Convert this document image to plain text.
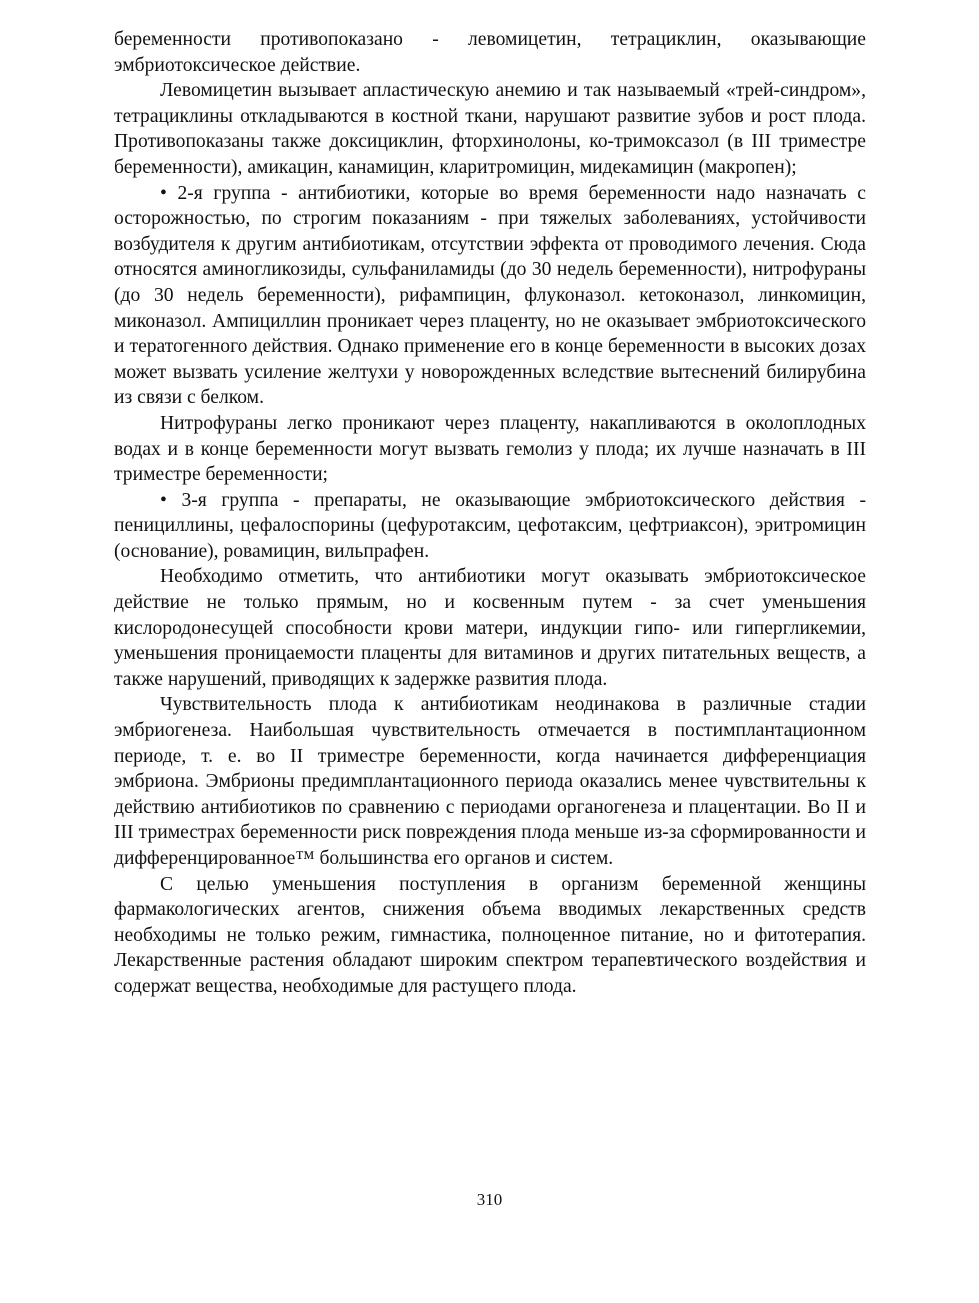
беременности противопоказано - левомицетин, тетрациклин, оказывающие эмбриотоксическое действие.

Левомицетин вызывает апластическую анемию и так называемый «трей-синдром», тетрациклины откладываются в костной ткани, нарушают развитие зубов и рост плода. Противопоказаны также доксициклин, фторхинолоны, ко-тримоксазол (в III триместре беременности), амикацин, канамицин, кларитромицин, мидекамицин (макропен);

• 2-я группа - антибиотики, которые во время беременности надо назначать с осторожностью, по строгим показаниям - при тяжелых заболеваниях, устойчивости возбудителя к другим антибиотикам, отсутствии эффекта от проводимого лечения. Сюда относятся аминогликозиды, сульфаниламиды (до 30 недель беременности), нитрофураны (до 30 недель беременности), рифампицин, флуконазол. кетоконазол, линкомицин, миконазол. Ампициллин проникает через плаценту, но не оказывает эмбриотоксического и тератогенного действия. Однако применение его в конце беременности в высоких дозах может вызвать усиление желтухи у новорожденных вследствие вытеснений билирубина из связи с белком.

Нитрофураны легко проникают через плаценту, накапливаются в околоплодных водах и в конце беременности могут вызвать гемолиз у плода; их лучше назначать в III триместре беременности;

• 3-я группа - препараты, не оказывающие эмбриотоксического действия - пенициллины, цефалоспорины (цефуротаксим, цефотаксим, цефтриаксон), эритромицин (основание), ровамицин, вильпрафен.

Необходимо отметить, что антибиотики могут оказывать эмбриотоксическое действие не только прямым, но и косвенным путем - за счет уменьшения кислородонесущей способности крови матери, индукции гипо- или гипергликемии, уменьшения проницаемости плаценты для витаминов и других питательных веществ, а также нарушений, приводящих к задержке развития плода.

Чувствительность плода к антибиотикам неодинакова в различные стадии эмбриогенеза. Наибольшая чувствительность отмечается в постимплантационном периоде, т. е. во II триместре беременности, когда начинается дифференциация эмбриона. Эмбрионы предимплантационного периода оказались менее чувствительны к действию антибиотиков по сравнению с периодами органогенеза и плацентации. Во II и III триместрах беременности риск повреждения плода меньше из-за сформированности и дифференцированное™ большинства его органов и систем.

С целью уменьшения поступления в организм беременной женщины фармакологических агентов, снижения объема вводимых лекарственных средств необходимы не только режим, гимнастика, полноценное питание, но и фитотерапия. Лекарственные растения обладают широким спектром терапевтического воздействия и содержат вещества, необходимые для растущего плода.

310
